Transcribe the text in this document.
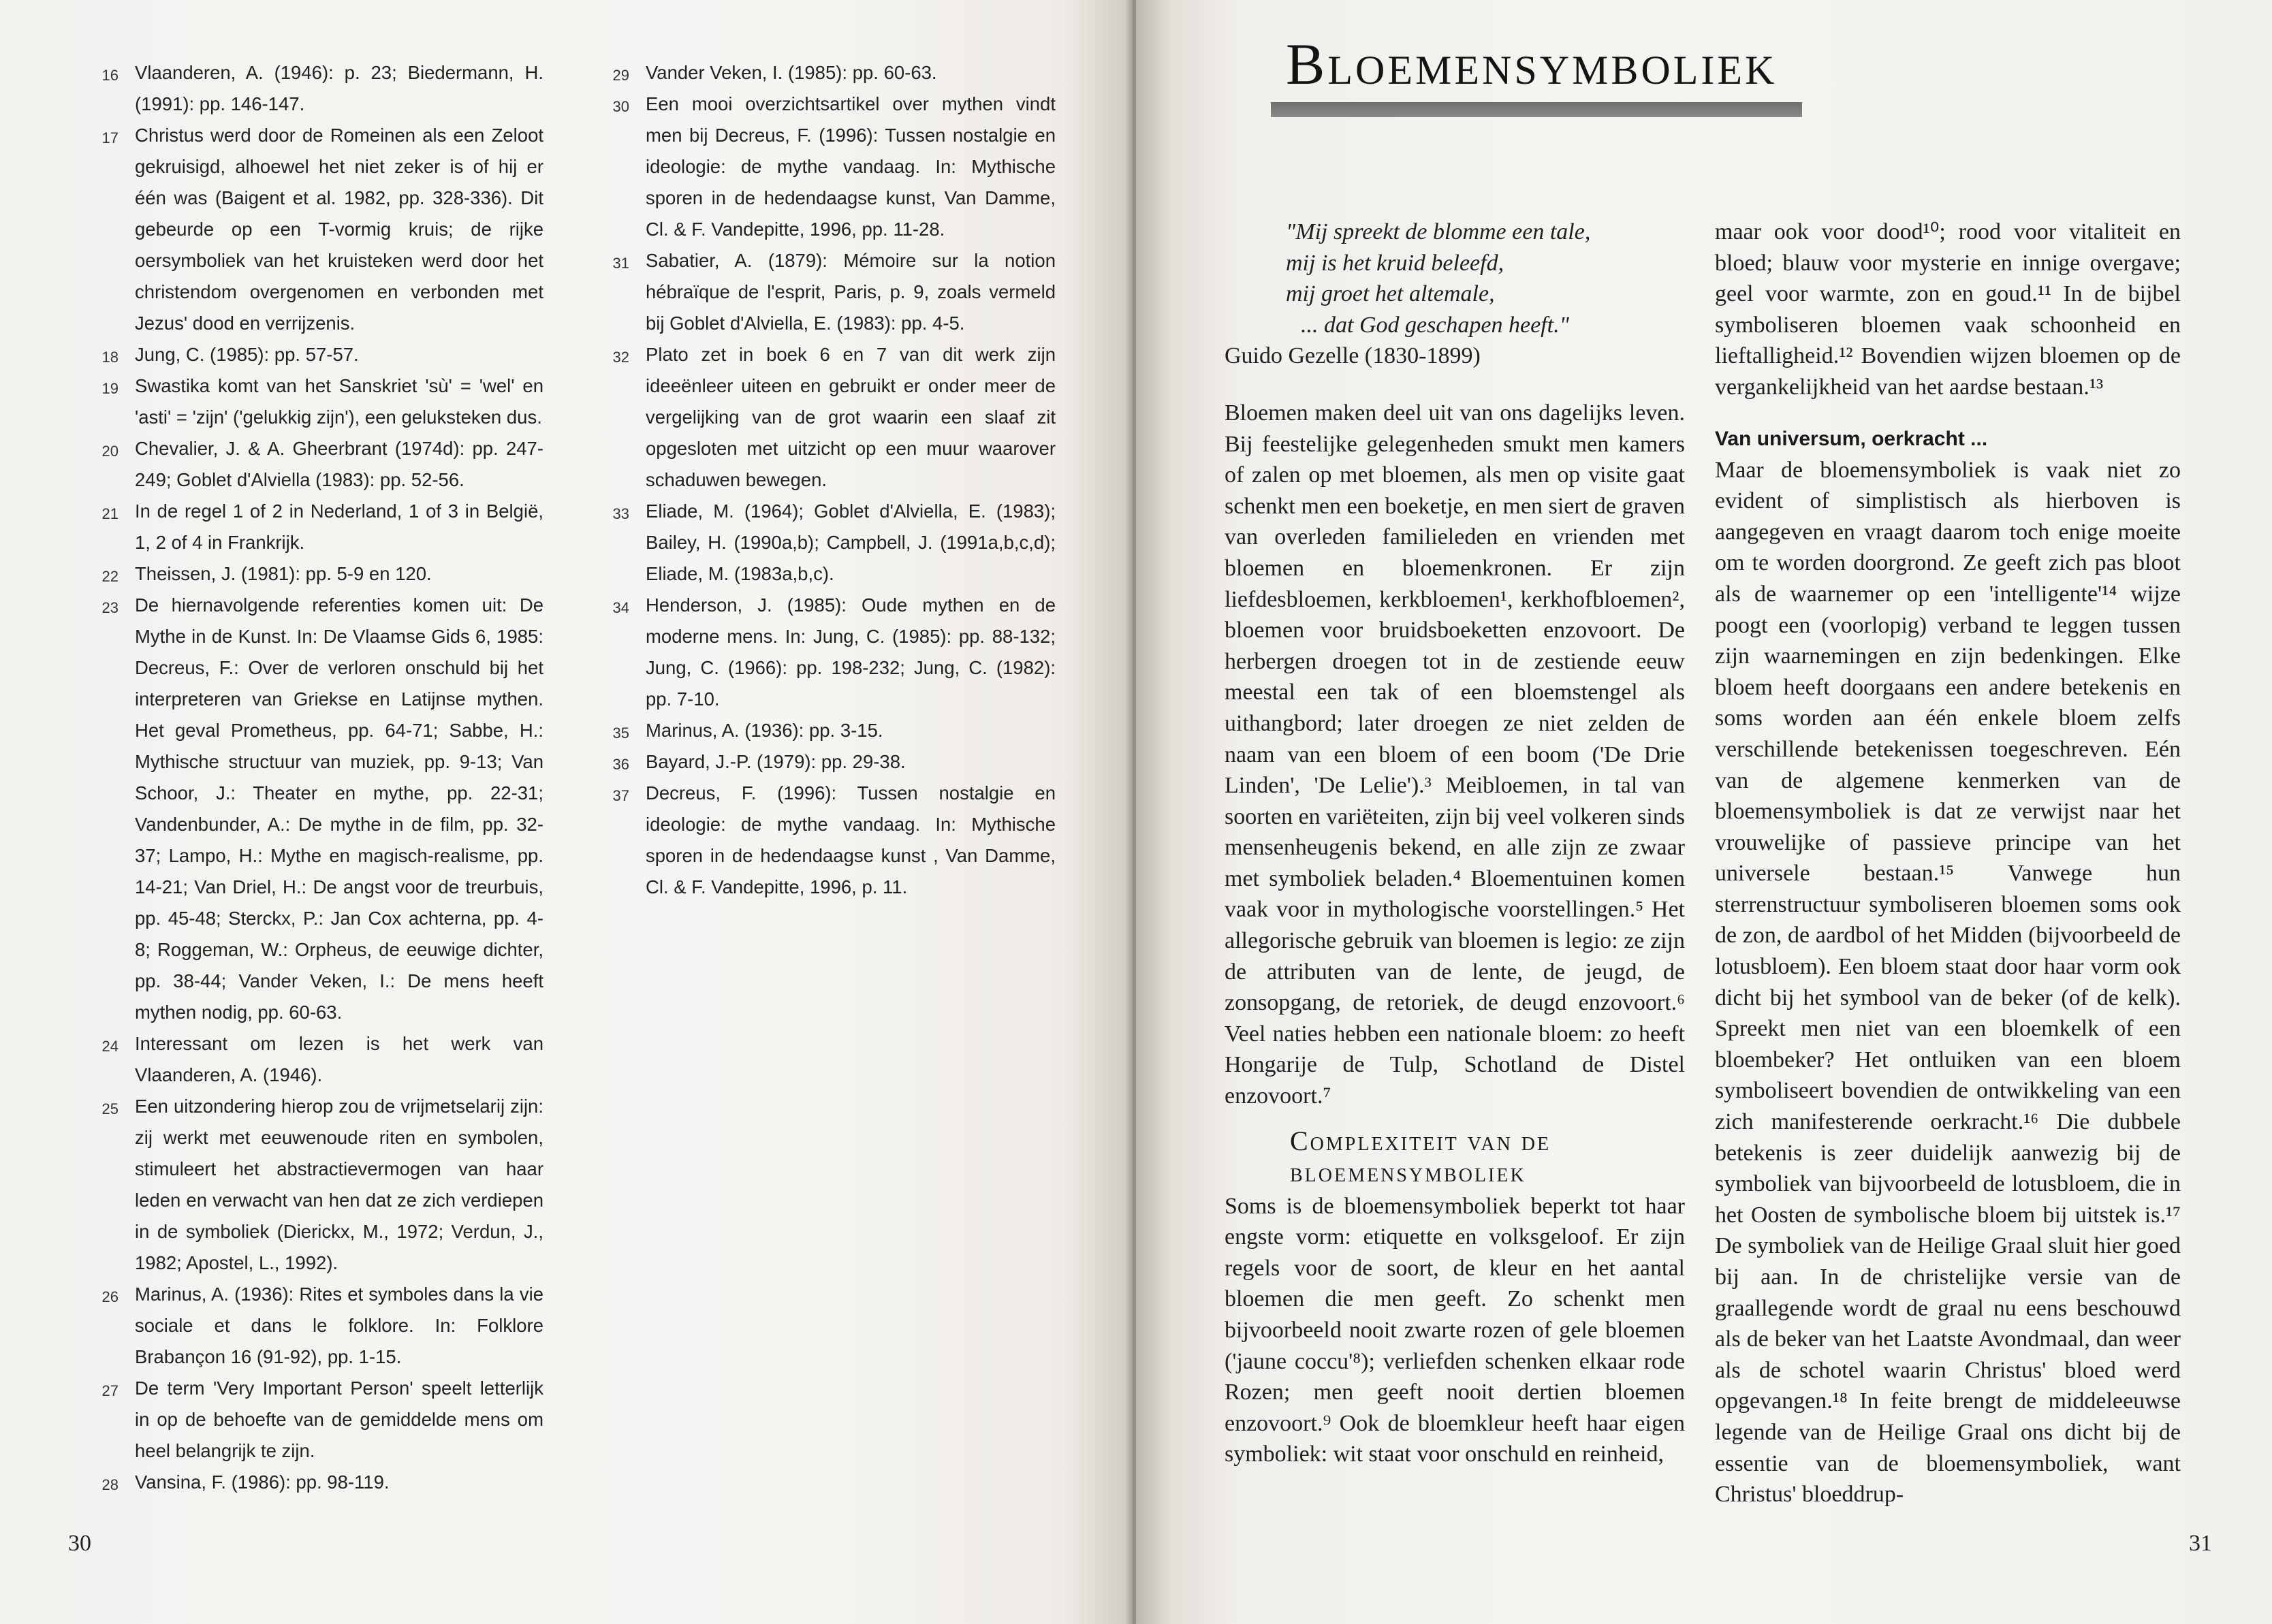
16 Vlaanderen, A. (1946): p. 23; Biedermann, H. (1991): pp. 146-147.
17 Christus werd door de Romeinen als een Zeloot gekruisigd, alhoewel het niet zeker is of hij er één was (Baigent et al. 1982, pp. 328-336). Dit gebeurde op een T-vormig kruis; de rijke oersymboliek van het kruisteken werd door het christendom overgenomen en verbonden met Jezus' dood en verrijzenis.
18 Jung, C. (1985): pp. 57-57.
19 Swastika komt van het Sanskriet 'sù' = 'wel' en 'asti' = 'zijn' ('gelukkig zijn'), een geluksteken dus.
20 Chevalier, J. & A. Gheerbrant (1974d): pp. 247-249; Goblet d'Alviella (1983): pp. 52-56.
21 In de regel 1 of 2 in Nederland, 1 of 3 in België, 1, 2 of 4 in Frankrijk.
22 Theissen, J. (1981): pp. 5-9 en 120.
23 De hiernavolgende referenties komen uit: De Mythe in de Kunst. In: De Vlaamse Gids 6, 1985: Decreus, F.: Over de verloren onschuld bij het interpreteren van Griekse en Latijnse mythen. Het geval Prometheus, pp. 64-71; Sabbe, H.: Mythische structuur van muziek, pp. 9-13; Van Schoor, J.: Theater en mythe, pp. 22-31; Vandenbunder, A.: De mythe in de film, pp. 32-37; Lampo, H.: Mythe en magisch-realisme, pp. 14-21; Van Driel, H.: De angst voor de treurbuis, pp. 45-48; Sterckx, P.: Jan Cox achterna, pp. 4-8; Roggeman, W.: Orpheus, de eeuwige dichter, pp. 38-44; Vander Veken, I.: De mens heeft mythen nodig, pp. 60-63.
24 Interessant om lezen is het werk van Vlaanderen, A. (1946).
25 Een uitzondering hierop zou de vrijmetselarij zijn: zij werkt met eeuwenoude riten en symbolen, stimuleert het abstractievermogen van haar leden en verwacht van hen dat ze zich verdiepen in de symboliek (Dierickx, M., 1972; Verdun, J., 1982; Apostel, L., 1992).
26 Marinus, A. (1936): Rites et symboles dans la vie sociale et dans le folklore. In: Folklore Brabançon 16 (91-92), pp. 1-15.
27 De term 'Very Important Person' speelt letterlijk in op de behoefte van de gemiddelde mens om heel belangrijk te zijn.
28 Vansina, F. (1986): pp. 98-119.
29 Vander Veken, I. (1985): pp. 60-63.
30 Een mooi overzichtsartikel over mythen vindt men bij Decreus, F. (1996): Tussen nostalgie en ideologie: de mythe vandaag. In: Mythische sporen in de hedendaagse kunst, Van Damme, Cl. & F. Vandepitte, 1996, pp. 11-28.
31 Sabatier, A. (1879): Mémoire sur la notion hébraïque de l'esprit, Paris, p. 9, zoals vermeld bij Goblet d'Alviella, E. (1983): pp. 4-5.
32 Plato zet in boek 6 en 7 van dit werk zijn ideeënleer uiteen en gebruikt er onder meer de vergelijking van de grot waarin een slaaf zit opgesloten met uitzicht op een muur waarover schaduwen bewegen.
33 Eliade, M. (1964); Goblet d'Alviella, E. (1983); Bailey, H. (1990a,b); Campbell, J. (1991a,b,c,d); Eliade, M. (1983a,b,c).
34 Henderson, J. (1985): Oude mythen en de moderne mens. In: Jung, C. (1985): pp. 88-132; Jung, C. (1966): pp. 198-232; Jung, C. (1982): pp. 7-10.
35 Marinus, A. (1936): pp. 3-15.
36 Bayard, J.-P. (1979): pp. 29-38.
37 Decreus, F. (1996): Tussen nostalgie en ideologie: de mythe vandaag. In: Mythische sporen in de hedendaagse kunst , Van Damme, Cl. & F. Vandepitte, 1996, p. 11.
30
Bloemensymboliek
"Mij spreekt de blomme een tale,
mij is het kruid beleefd,
mij groet het altemale,
... dat God geschapen heeft."
Guido Gezelle (1830-1899)

Bloemen maken deel uit van ons dagelijks leven. Bij feestelijke gelegenheden smukt men kamers of zalen op met bloemen, als men op visite gaat schenkt men een boeketje, en men siert de graven van overleden familieleden en vrienden met bloemen en bloemenkronen. Er zijn liefdesbloemen, kerkbloemen¹, kerkhofbloemen², bloemen voor bruidsboeketten enzovoort. De herbergen droegen tot in de zestiende eeuw meestal een tak of een bloemstengel als uithangbord; later droegen ze niet zelden de naam van een bloem of een boom ('De Drie Linden', 'De Lelie').³ Meibloemen, in tal van soorten en variëteiten, zijn bij veel volkeren sinds mensenheugenis bekend, en alle zijn ze zwaar met symboliek beladen.⁴ Bloementuinen komen vaak voor in mythologische voorstellingen.⁵ Het allegorische gebruik van bloemen is legio: ze zijn de attributen van de lente, de jeugd, de zonsopgang, de retoriek, de deugd enzovoort.⁶ Veel naties hebben een nationale bloem: zo heeft Hongarije de Tulp, Schotland de Distel enzovoort.⁷

Complexiteit van de
bloemensymboliek

Soms is de bloemensymboliek beperkt tot haar engste vorm: etiquette en volksgeloof. Er zijn regels voor de soort, de kleur en het aantal bloemen die men geeft. Zo schenkt men bijvoorbeeld nooit zwarte rozen of gele bloemen ('jaune coccu'⁸); verliefden schenken elkaar rode Rozen; men geeft nooit dertien bloemen enzovoort.⁹ Ook de bloemkleur heeft haar eigen symboliek: wit staat voor onschuld en reinheid,

maar ook voor dood¹⁰; rood voor vitaliteit en bloed; blauw voor mysterie en innige overgave; geel voor warmte, zon en goud.¹¹ In de bijbel symboliseren bloemen vaak schoonheid en lieftalligheid.¹² Bovendien wijzen bloemen op de vergankelijkheid van het aardse bestaan.¹³

Van universum, oerkracht ...

Maar de bloemensymboliek is vaak niet zo evident of simplistisch als hierboven is aangegeven en vraagt daarom toch enige moeite om te worden doorgrond. Ze geeft zich pas bloot als de waarnemer op een 'intelligente'¹⁴ wijze poogt een (voorlopig) verband te leggen tussen zijn waarnemingen en zijn bedenkingen. Elke bloem heeft doorgaans een andere betekenis en soms worden aan één enkele bloem zelfs verschillende betekenissen toegeschreven. Eén van de algemene kenmerken van de bloemensymboliek is dat ze verwijst naar het vrouwelijke of passieve principe van het universele bestaan.¹⁵ Vanwege hun sterrenstructuur symboliseren bloemen soms ook de zon, de aardbol of het Midden (bijvoorbeeld de lotusbloem). Een bloem staat door haar vorm ook dicht bij het symbool van de beker (of de kelk). Spreekt men niet van een bloemkelk of een bloembeker? Het ontluiken van een bloem symboliseert bovendien de ontwikkeling van een zich manifesterende oerkracht.¹⁶ Die dubbele betekenis is zeer duidelijk aanwezig bij de symboliek van bijvoorbeeld de lotusbloem, die in het Oosten de symbolische bloem bij uitstek is.¹⁷ De symboliek van de Heilige Graal sluit hier goed bij aan. In de christelijke versie van de graallegende wordt de graal nu eens beschouwd als de beker van het Laatste Avondmaal, dan weer als de schotel waarin Christus' bloed werd opgevangen.¹⁸ In feite brengt de middeleeuwse legende van de Heilige Graal ons dicht bij de essentie van de bloemensymboliek, want Christus' bloeddrup-

31
